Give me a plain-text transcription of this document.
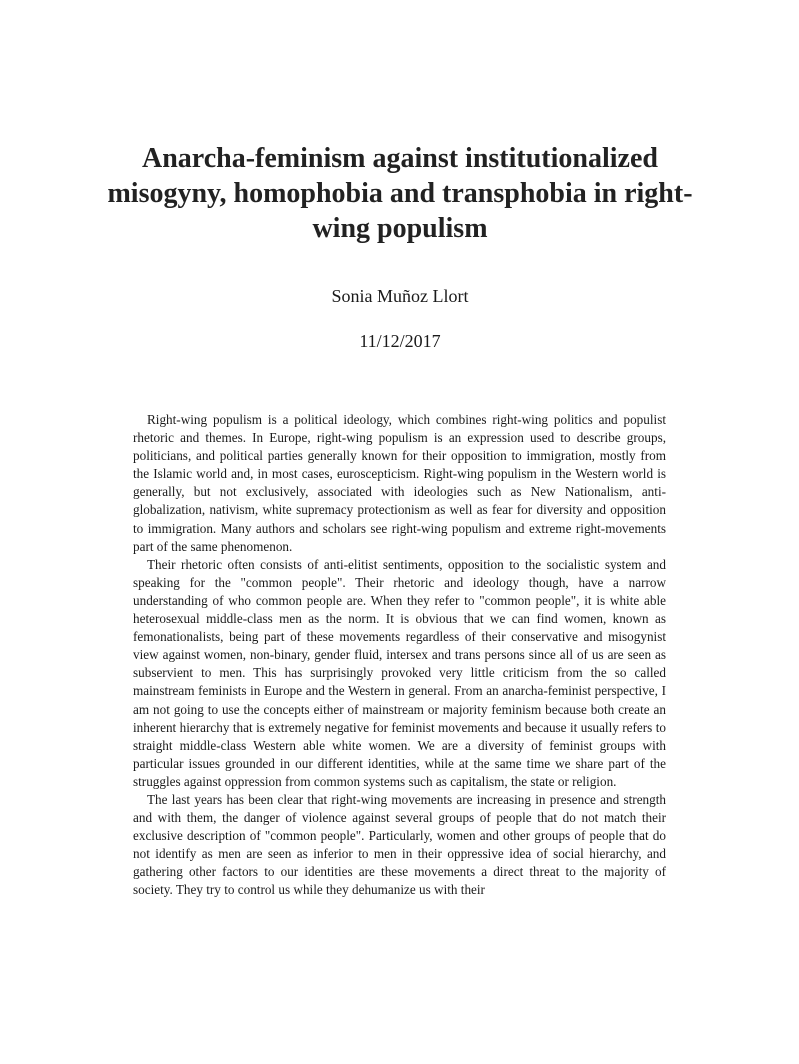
Anarcha-feminism against institutionalized misogyny, homophobia and transphobia in right-wing populism
Sonia Muñoz Llort
11/12/2017

Right-wing populism is a political ideology, which combines right-wing politics and populist rhetoric and themes. In Europe, right-wing populism is an expression used to describe groups, politicians, and political parties generally known for their opposition to immigration, mostly from the Islamic world and, in most cases, euroscepticism. Right-wing populism in the Western world is generally, but not exclusively, associated with ideologies such as New Nationalism, anti-globalization, nativism, white supremacy protectionism as well as fear for diversity and opposition to immigration. Many authors and scholars see right-wing populism and extreme right-movements part of the same phenomenon.

Their rhetoric often consists of anti-elitist sentiments, opposition to the socialistic system and speaking for the "common people". Their rhetoric and ideology though, have a narrow understanding of who common people are. When they refer to "common people", it is white able heterosexual middle-class men as the norm. It is obvious that we can find women, known as femonationalists, being part of these movements regardless of their conservative and misogynist view against women, non-binary, gender fluid, intersex and trans persons since all of us are seen as subservient to men. This has surprisingly provoked very little criticism from the so called mainstream feminists in Europe and the Western in general. From an anarcha-feminist perspective, I am not going to use the concepts either of mainstream or majority feminism because both create an inherent hierarchy that is extremely negative for feminist movements and because it usually refers to straight middle-class Western able white women. We are a diversity of feminist groups with particular issues grounded in our different identities, while at the same time we share part of the struggles against oppression from common systems such as capitalism, the state or religion.

The last years has been clear that right-wing movements are increasing in presence and strength and with them, the danger of violence against several groups of people that do not match their exclusive description of "common people". Particularly, women and other groups of people that do not identify as men are seen as inferior to men in their oppressive idea of social hierarchy, and gathering other factors to our identities are these movements a direct threat to the majority of society. They try to control us while they dehumanize us with their
